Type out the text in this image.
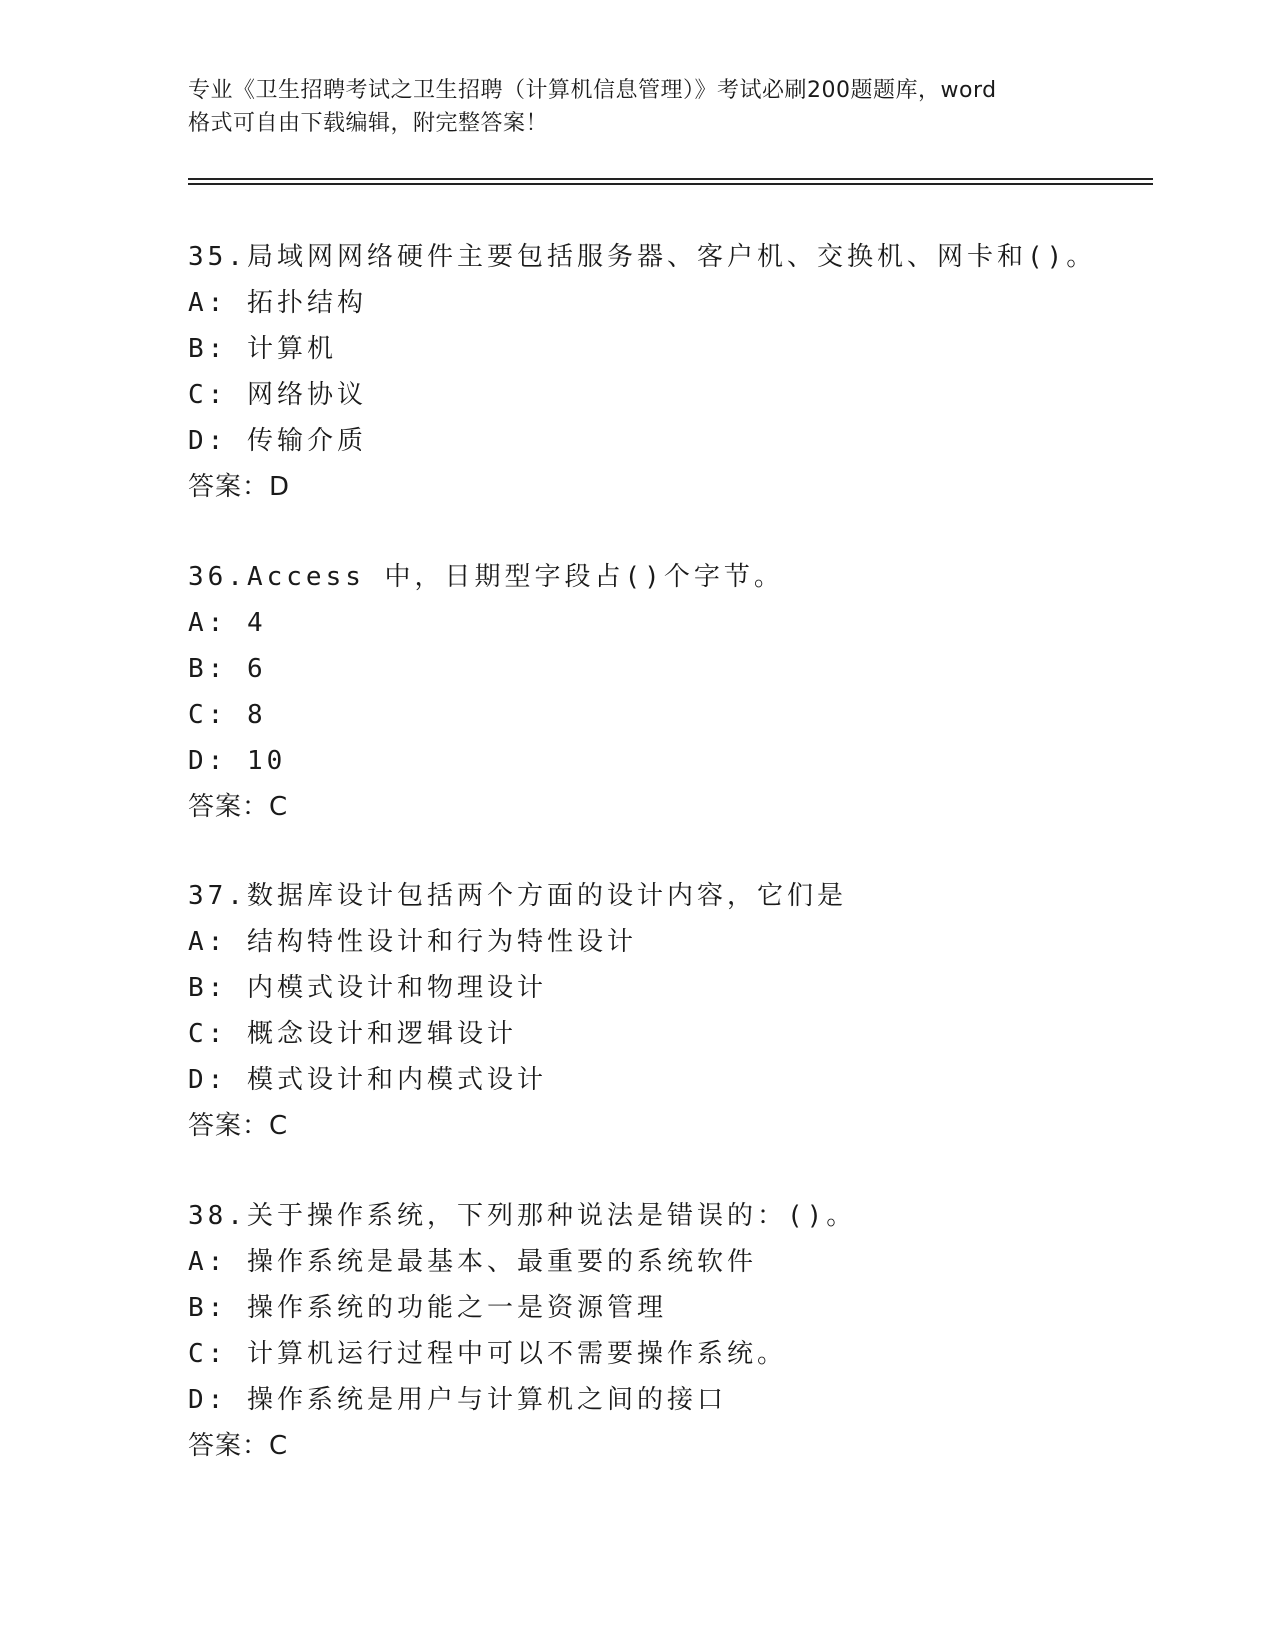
专业《卫生招聘考试之卫生招聘（计算机信息管理）》考试必刷200题题库，word
格式可自由下载编辑，附完整答案！
35.局域网网络硬件主要包括服务器、客户机、交换机、网卡和()。
A: 拓扑结构
B: 计算机
C: 网络协议
D: 传输介质
答案：D
36.Access 中，日期型字段占()个字节。
A: 4
B: 6
C: 8
D: 10
答案：C
37.数据库设计包括两个方面的设计内容，它们是
A: 结构特性设计和行为特性设计
B: 内模式设计和物理设计
C: 概念设计和逻辑设计
D: 模式设计和内模式设计
答案：C
38.关于操作系统，下列那种说法是错误的：()。
A: 操作系统是最基本、最重要的系统软件
B: 操作系统的功能之一是资源管理
C: 计算机运行过程中可以不需要操作系统。
D: 操作系统是用户与计算机之间的接口
答案：C
